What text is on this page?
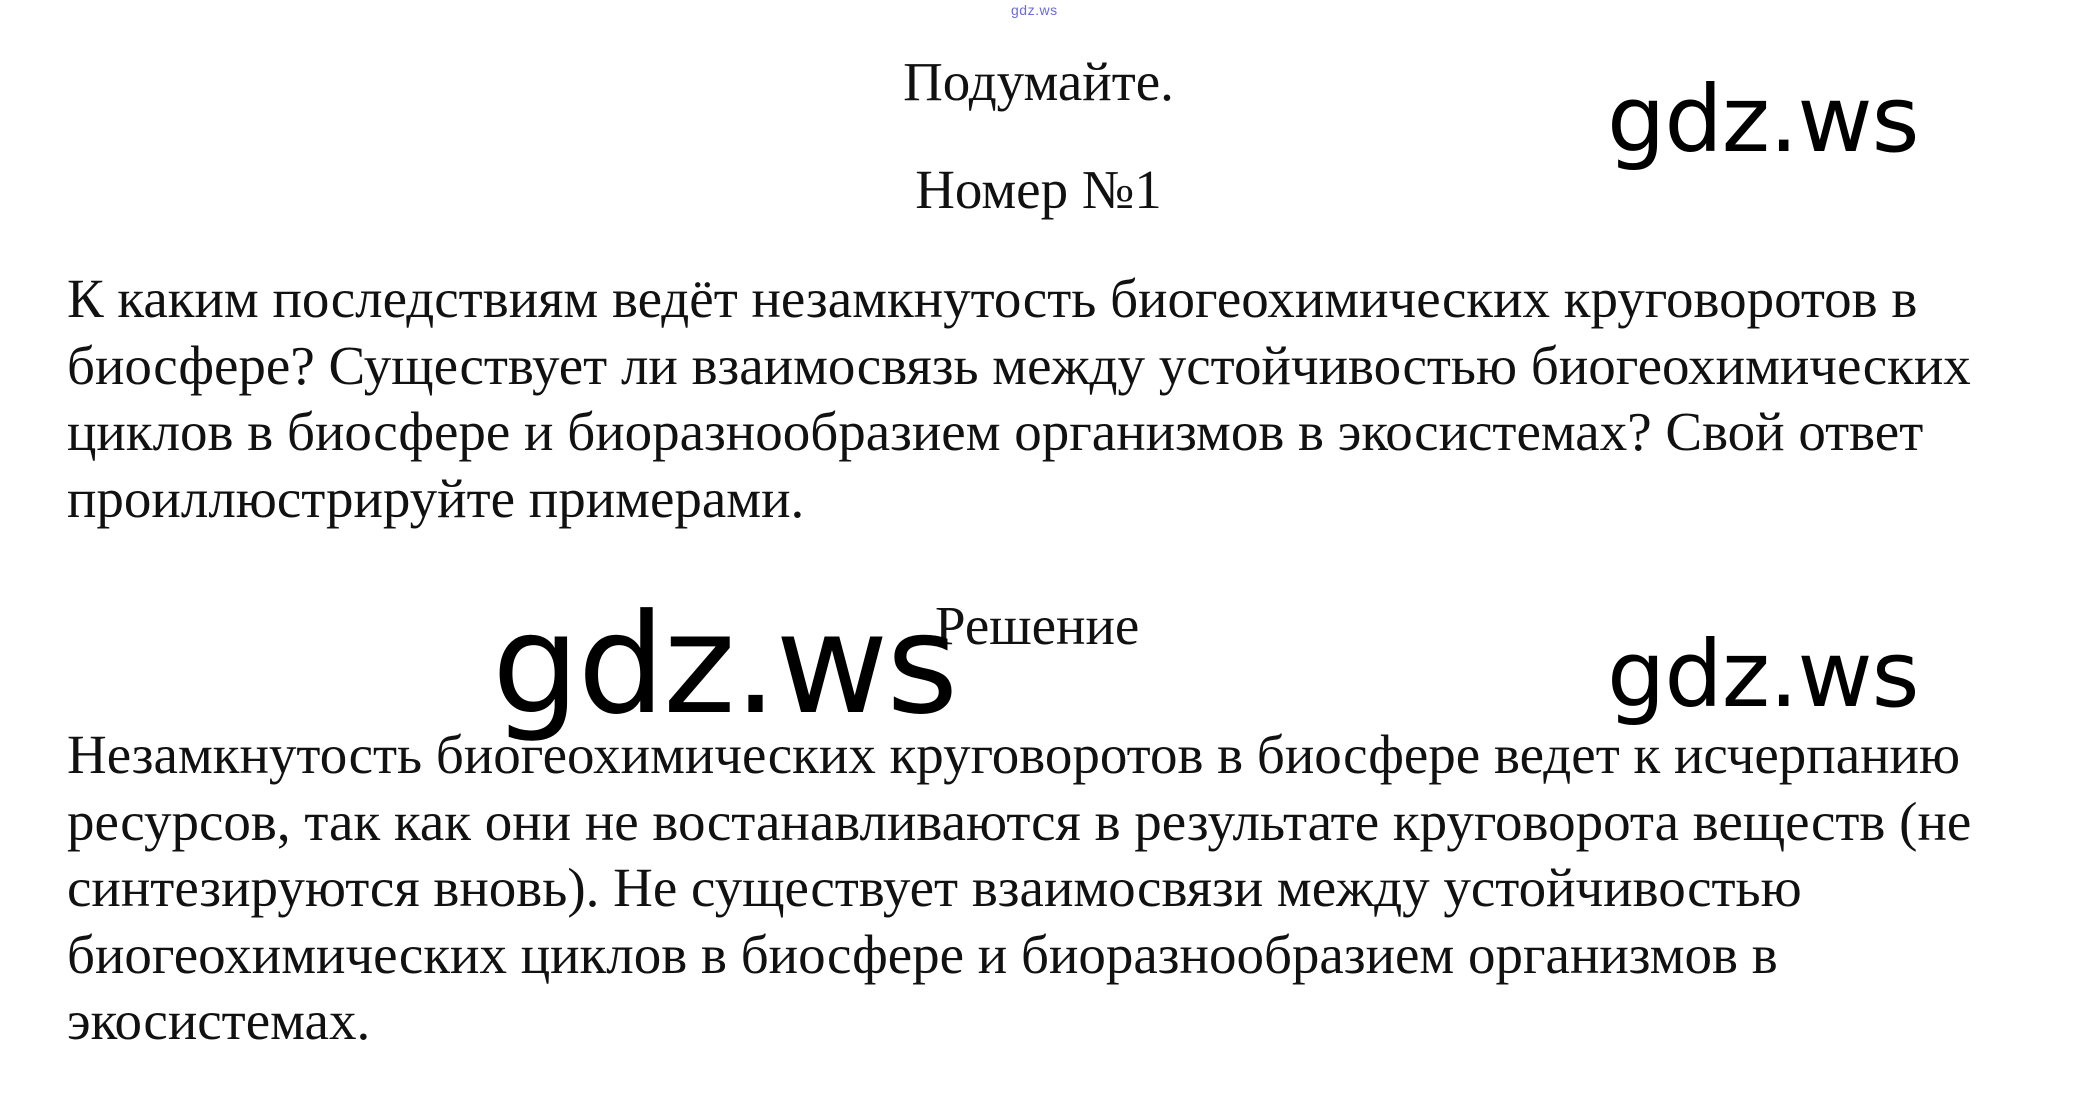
gdz.ws
Подумайте.
Номер №1
К каким последствиям ведёт незамкнутость биогеохимических круговоротов в биосфере? Существует ли взаимосвязь между устойчивостью биогеохимических циклов в биосфере и биоразнообразием организмов в экосистемах? Свой ответ проиллюстрируйте примерами.
Решение
Незамкнутость биогеохимических круговоротов в биосфере ведет к исчерпанию ресурсов, так как они не востанавливаются в результате круговорота веществ (не синтезируются вновь). Не существует взаимосвязи между устойчивостью биогеохимических циклов в биосфере и биоразнообразием организмов в экосистемах.
gdz.ws
gdz.ws	gdz.ws
